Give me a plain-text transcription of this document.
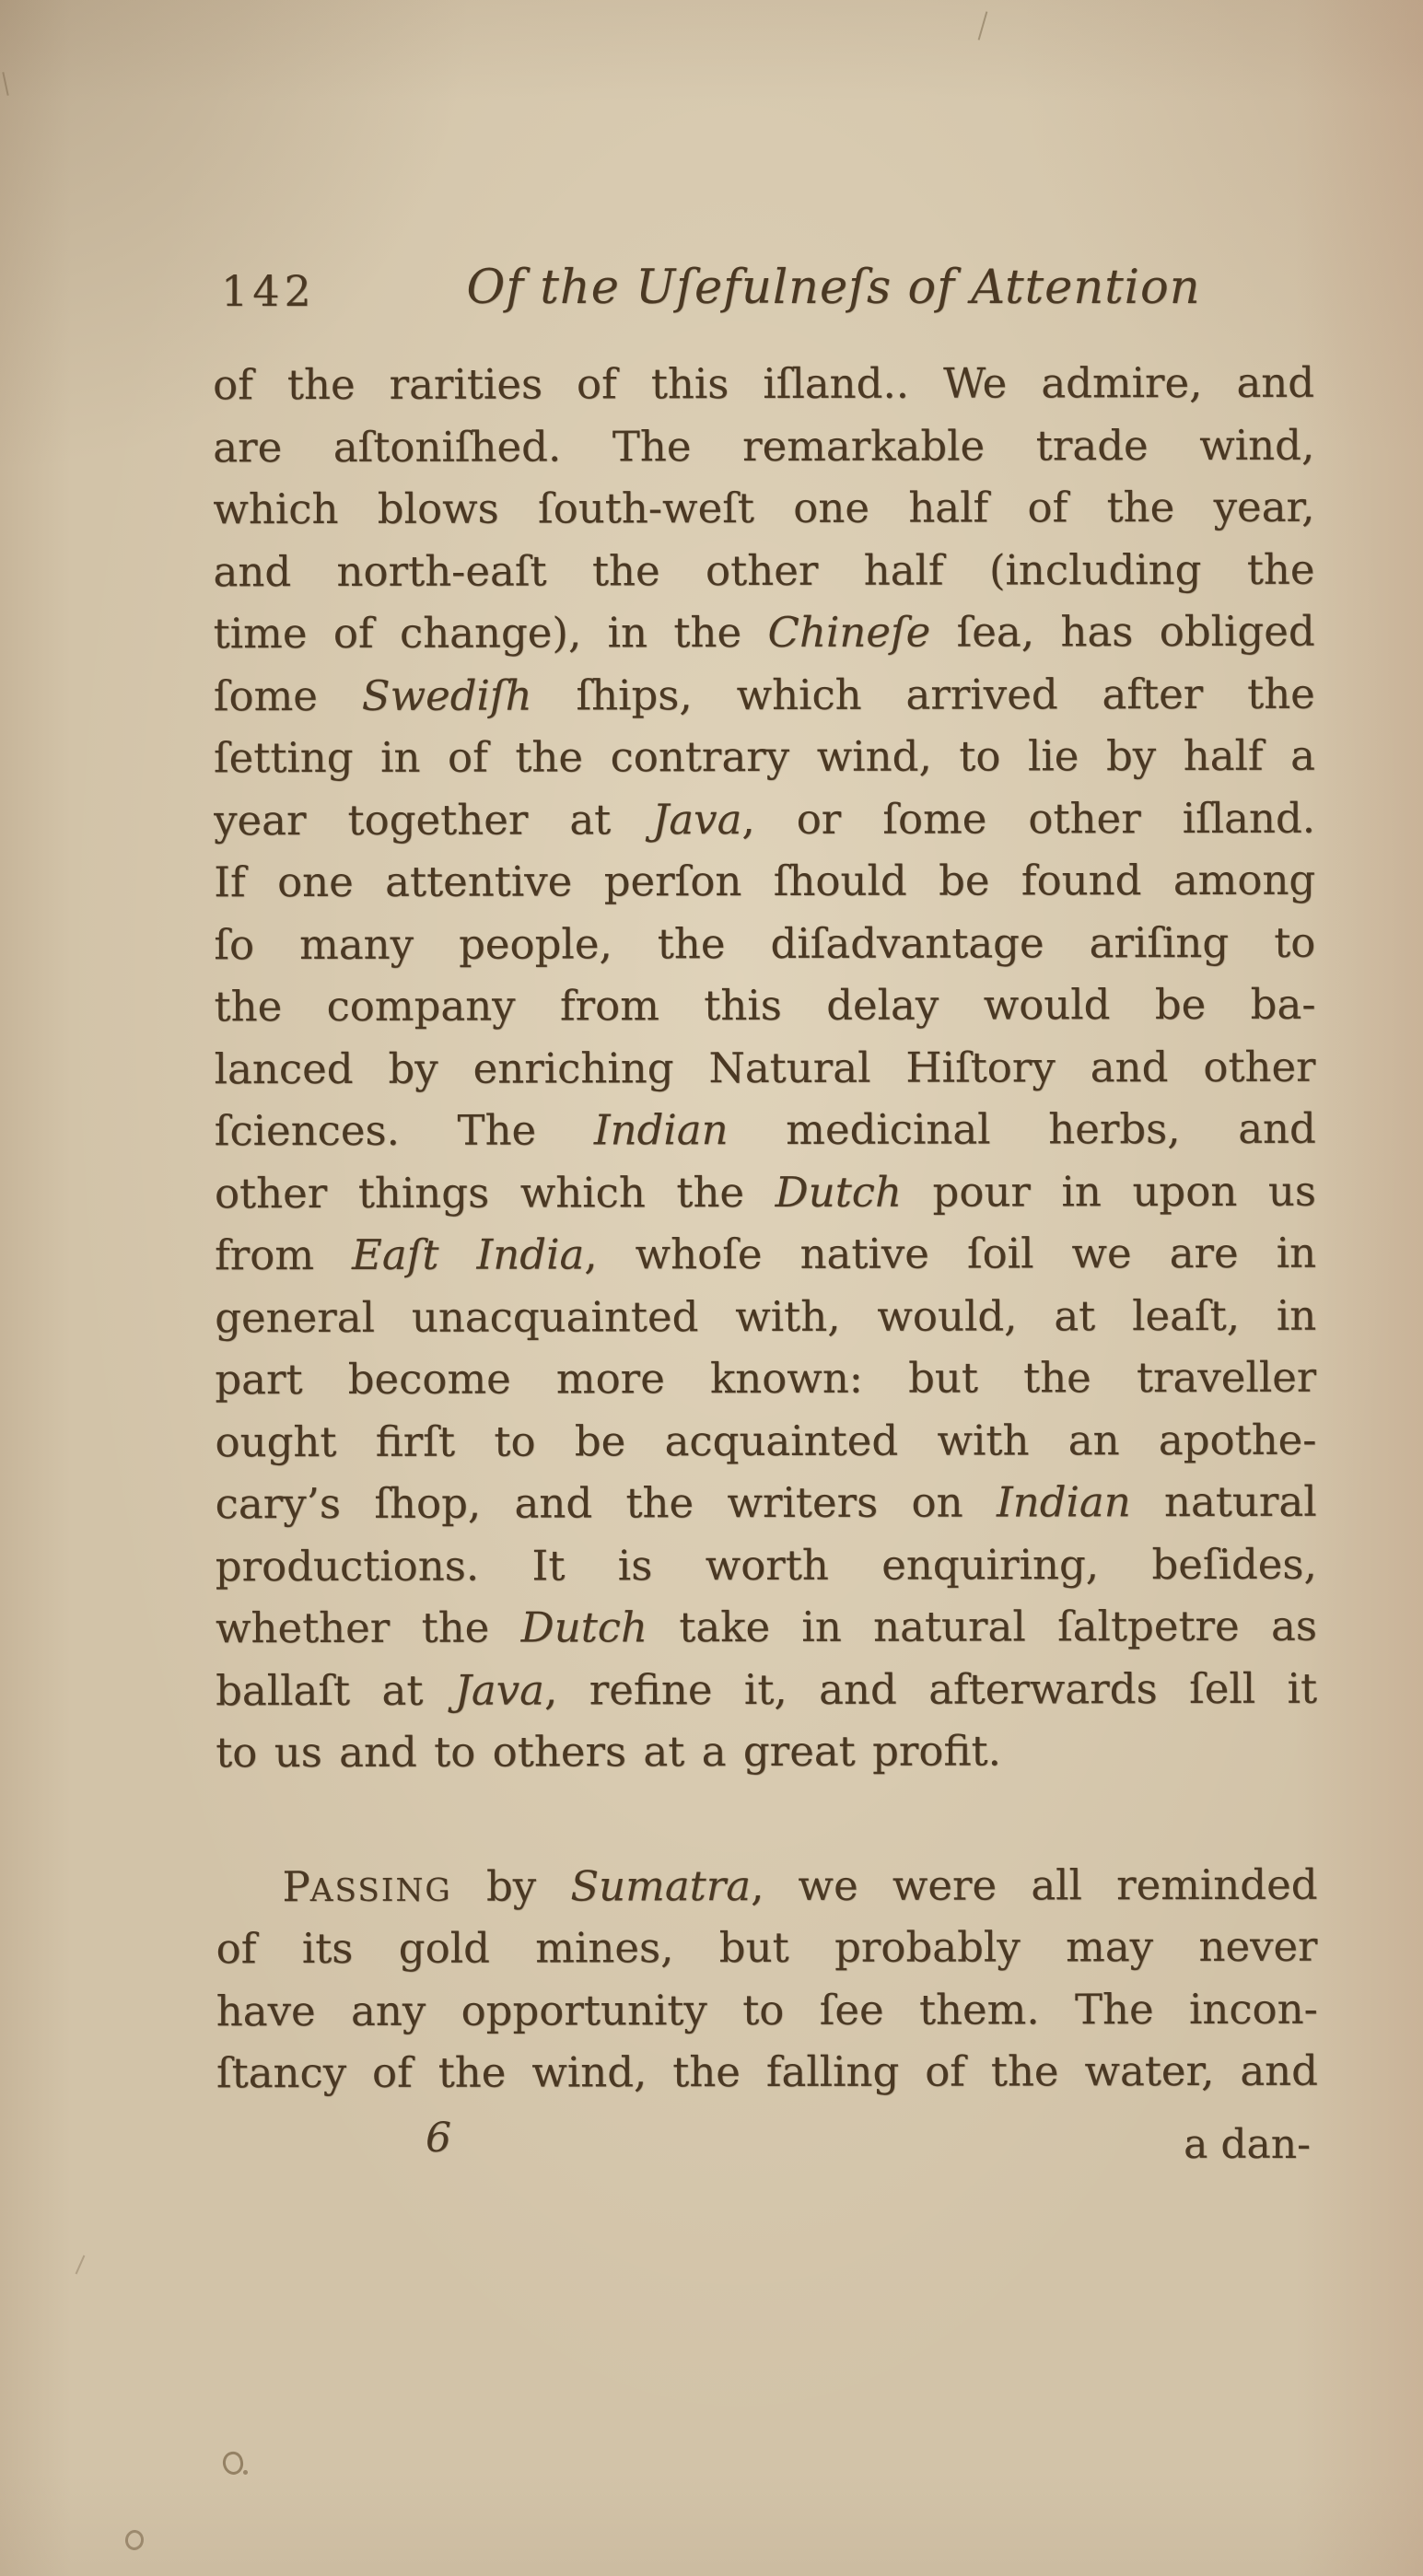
142	Of the Uſefulneſs of Attention
of the rarities of this iſland.. We admire, and
are aſtoniſhed. The remarkable trade wind,
which blows ſouth-weſt one half of the year,
and north-eaſt the other half (including the
time of change), in the Chineſe ſea, has obliged
ſome Swediſh ſhips, which arrived after the
ſetting in of the contrary wind, to lie by half a
year together at Java, or ſome other iſland.
If one attentive perſon ſhould be found among
ſo many people, the diſadvantage ariſing to
the company from this delay would be ba-
lanced by enriching Natural Hiſtory and other
ſciences. The Indian medicinal herbs, and
other things which the Dutch pour in upon us
from Eaſt India, whoſe native ſoil we are in
general unacquainted with, would, at leaſt, in
part become more known: but the traveller
ought firſt to be acquainted with an apothe-
cary’s ſhop, and the writers on Indian natural
productions. It is worth enquiring, beſides,
whether the Dutch take in natural ſaltpetre as
ballaſt at Java, refine it, and afterwards ſell it
to us and to others at a great profit.
PASSING by Sumatra, we were all reminded
of its gold mines, but probably may never
have any opportunity to ſee them. The incon-
ſtancy of the wind, the falling of the water, and
6	a dan-
